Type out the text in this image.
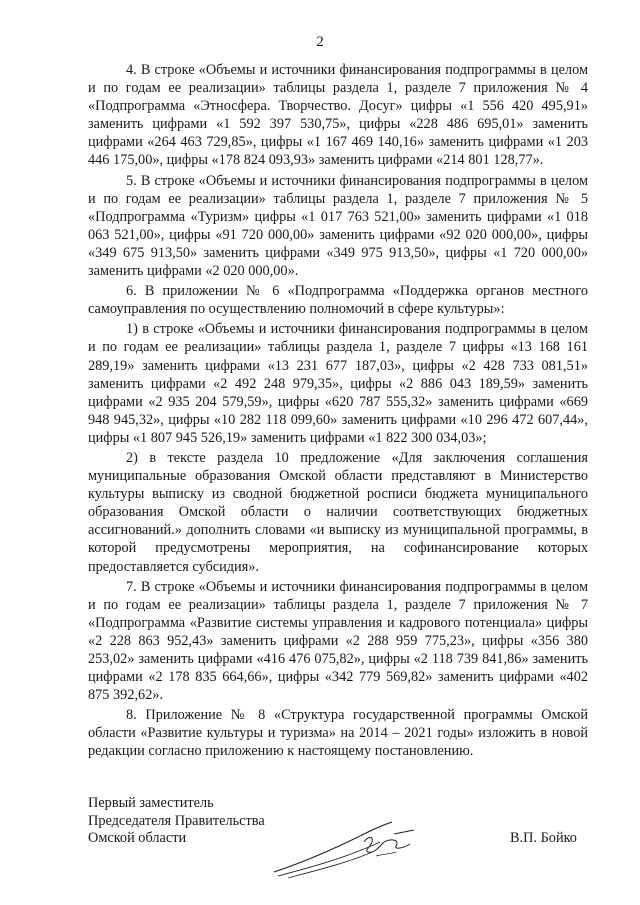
2

4. В строке «Объемы и источники финансирования подпрограммы в целом и по годам ее реализации» таблицы раздела 1, разделе 7 приложения № 4 «Подпрограмма «Этносфера. Творчество. Досуг» цифры «1 556 420 495,91» заменить цифрами «1 592 397 530,75», цифры «228 486 695,01» заменить цифрами «264 463 729,85», цифры «1 167 469 140,16» заменить цифрами «1 203 446 175,00», цифры «178 824 093,93» заменить цифрами «214 801 128,77».

5. В строке «Объемы и источники финансирования подпрограммы в целом и по годам ее реализации» таблицы раздела 1, разделе 7 приложения № 5 «Подпрограмма «Туризм» цифры «1 017 763 521,00» заменить цифрами «1 018 063 521,00», цифры «91 720 000,00» заменить цифрами «92 020 000,00», цифры «349 675 913,50» заменить цифрами «349 975 913,50», цифры «1 720 000,00» заменить цифрами «2 020 000,00».

6. В приложении № 6 «Подпрограмма «Поддержка органов местного самоуправления по осуществлению полномочий в сфере культуры»:

1) в строке «Объемы и источники финансирования подпрограммы в целом и по годам ее реализации» таблицы раздела 1, разделе 7 цифры «13 168 161 289,19» заменить цифрами «13 231 677 187,03», цифры «2 428 733 081,51» заменить цифрами «2 492 248 979,35», цифры «2 886 043 189,59» заменить цифрами «2 935 204 579,59», цифры «620 787 555,32» заменить цифрами «669 948 945,32», цифры «10 282 118 099,60» заменить цифрами «10 296 472 607,44», цифры «1 807 945 526,19» заменить цифрами «1 822 300 034,03»;

2) в тексте раздела 10 предложение «Для заключения соглашения муниципальные образования Омской области представляют в Министерство культуры выписку из сводной бюджетной росписи бюджета муниципального образования Омской области о наличии соответствующих бюджетных ассигнований.» дополнить словами «и выписку из муниципальной программы, в которой предусмотрены мероприятия, на софинансирование которых предоставляется субсидия».

7. В строке «Объемы и источники финансирования подпрограммы в целом и по годам ее реализации» таблицы раздела 1, разделе 7 приложения № 7 «Подпрограмма «Развитие системы управления и кадрового потенциала» цифры «2 228 863 952,43» заменить цифрами «2 288 959 775,23», цифры «356 380 253,02» заменить цифрами «416 476 075,82», цифры «2 118 739 841,86» заменить цифрами «2 178 835 664,66», цифры «342 779 569,82» заменить цифрами «402 875 392,62».

8. Приложение № 8 «Структура государственной программы Омской области «Развитие культуры и туризма» на 2014 – 2021 годы» изложить в новой редакции согласно приложению к настоящему постановлению.

Первый заместитель
Председателя Правительства
Омской области	В.П. Бойко
